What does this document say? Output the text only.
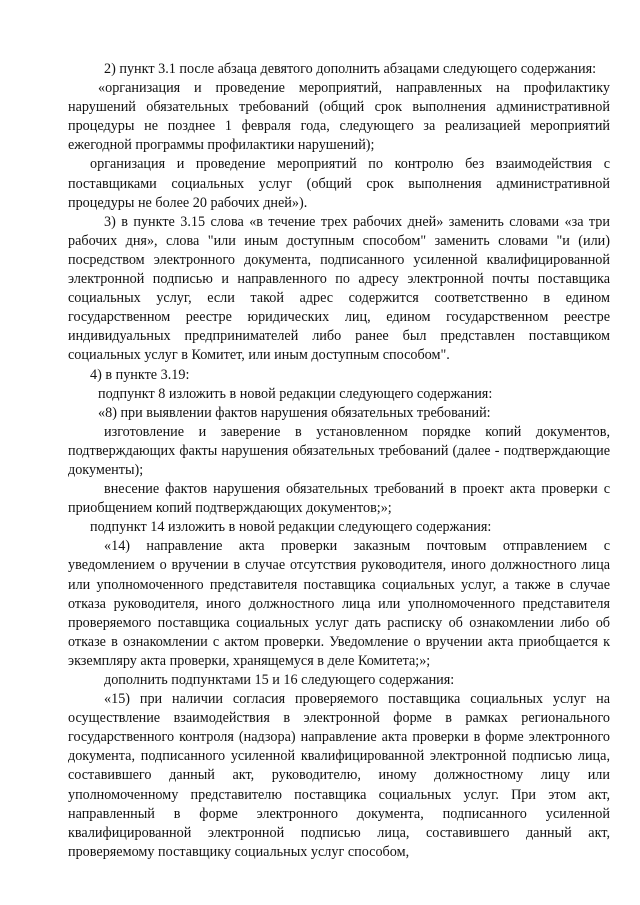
2) пункт 3.1 после абзаца девятого дополнить абзацами следующего содержания:

«организация и проведение мероприятий, направленных на профилактику нарушений обязательных требований (общий срок выполнения административной процедуры не позднее 1 февраля года, следующего за реализацией мероприятий ежегодной программы профилактики нарушений);

организация и проведение мероприятий по контролю без взаимодействия с поставщиками социальных услуг (общий срок выполнения административной процедуры не более 20 рабочих дней»).

3) в пункте 3.15 слова «в течение трех рабочих дней» заменить словами «за три рабочих дня», слова "или иным доступным способом" заменить словами "и (или) посредством электронного документа, подписанного усиленной квалифицированной электронной подписью и направленного по адресу электронной почты поставщика социальных услуг, если такой адрес содержится соответственно в едином государственном реестре юридических лиц, едином государственном реестре индивидуальных предпринимателей либо ранее был представлен поставщиком социальных услуг в Комитет, или иным доступным способом".

4) в пункте 3.19:

подпункт 8 изложить в новой редакции следующего содержания:

«8) при выявлении фактов нарушения обязательных требований:

изготовление и заверение в установленном порядке копий документов, подтверждающих факты нарушения обязательных требований (далее - подтверждающие документы);

внесение фактов нарушения обязательных требований в проект акта проверки с приобщением копий подтверждающих документов;»;

подпункт 14 изложить в новой редакции следующего содержания:

«14) направление акта проверки заказным почтовым отправлением с уведомлением о вручении в случае отсутствия руководителя, иного должностного лица или уполномоченного представителя поставщика социальных услуг, а также в случае отказа руководителя, иного должностного лица или уполномоченного представителя проверяемого поставщика социальных услуг дать расписку об ознакомлении либо об отказе в ознакомлении с актом проверки. Уведомление о вручении акта приобщается к экземпляру акта проверки, хранящемуся в деле Комитета;»;

дополнить подпунктами 15 и 16 следующего содержания:

«15) при наличии согласия проверяемого поставщика социальных услуг на осуществление взаимодействия в электронной форме в рамках регионального государственного контроля (надзора) направление акта проверки в форме электронного документа, подписанного усиленной квалифицированной электронной подписью лица, составившего данный акт, руководителю, иному должностному лицу или уполномоченному представителю поставщика социальных услуг. При этом акт, направленный в форме электронного документа, подписанного усиленной квалифицированной электронной подписью лица, составившего данный акт, проверяемому поставщику социальных услуг способом,
